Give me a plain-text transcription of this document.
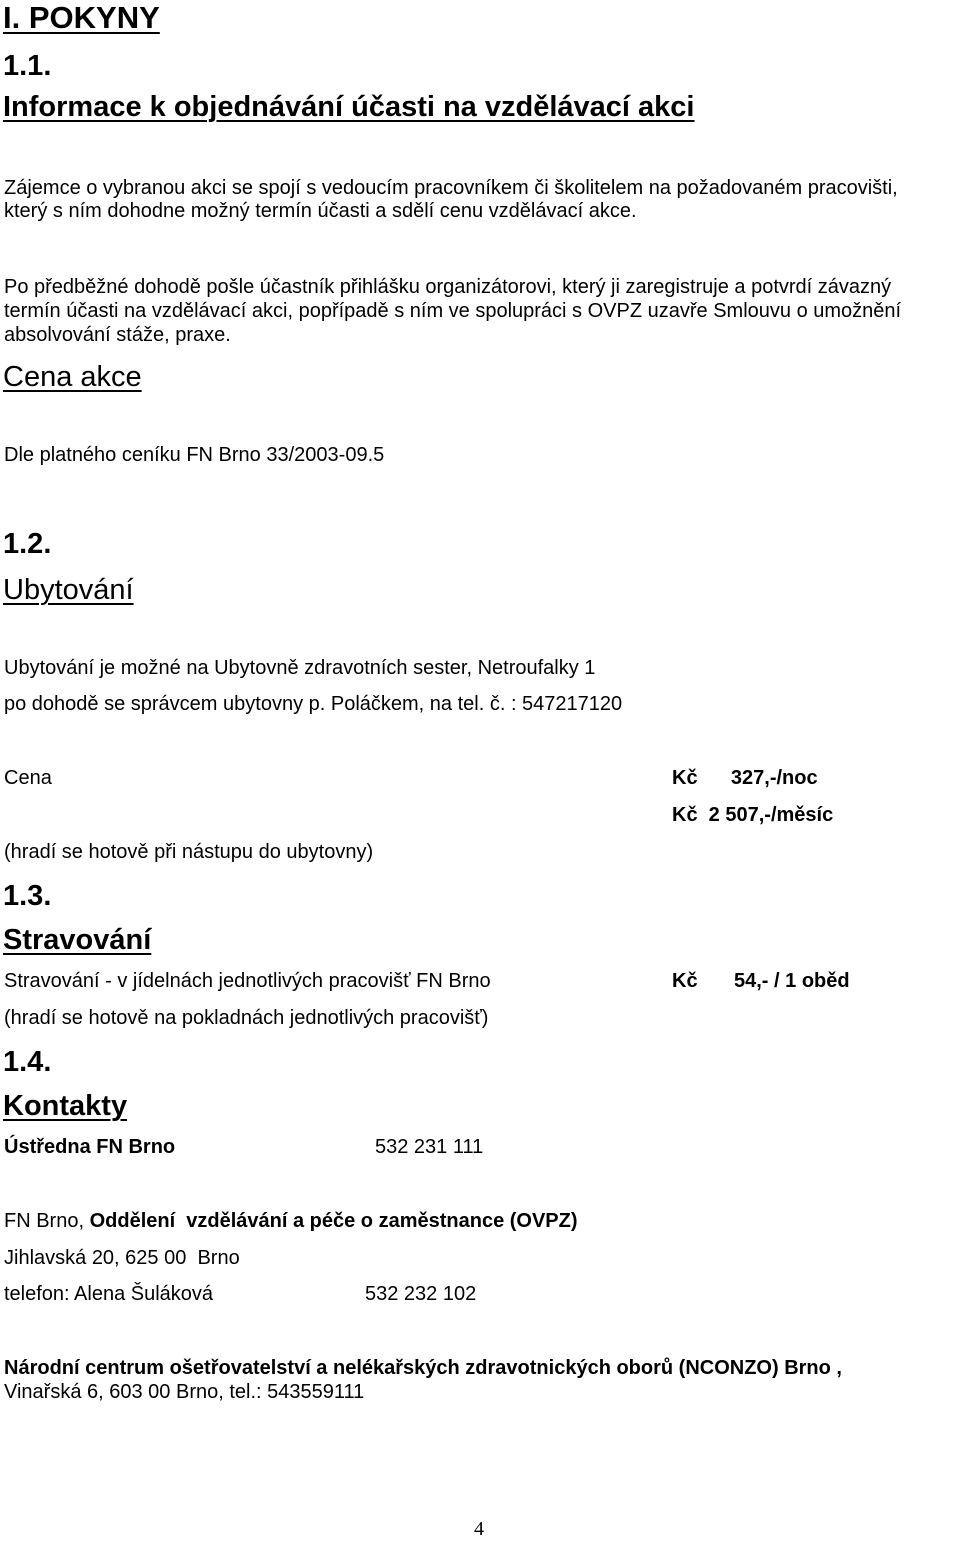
I. POKYNY
1.1.
Informace k objednávání účasti na vzdělávací akci
Zájemce o vybranou akci se spojí s vedoucím pracovníkem či školitelem na požadovaném pracovišti,
který s ním dohodne možný termín účasti a sdělí cenu vzdělávací akce.
Po předběžné dohodě pošle účastník přihlášku organizátorovi, který ji zaregistruje a potvrdí závazný
termín účasti na vzdělávací akci, popřípadě s ním ve spolupráci s OVPZ uzavře Smlouvu o umožnění
absolvování stáže, praxe.
Cena akce
Dle platného ceníku FN Brno 33/2003-09.5
1.2.
Ubytování
Ubytování je možné na Ubytovně zdravotních sester, Netroufalky 1
po dohodě se správcem ubytovny p. Poláčkem, na tel. č. : 547217120
Cena	Kč      327,-/noc
Kč  2 507,-/měsíc
(hradí se hotově při nástupu do ubytovny)
1.3.
Stravování
Stravování - v jídelnách jednotlivých pracovišť FN Brno	Kč 54,- / 1 oběd
(hradí se hotově na pokladnách jednotlivých pracovišť)
1.4.
Kontakty
Ústředna FN Brno	532 231 111
FN Brno, Oddělení  vzdělávání a péče o zaměstnance (OVPZ)
Jihlavská 20, 625 00  Brno
telefon: Alena Šuláková	532 232 102
Národní centrum ošetřovatelství a nelékařských zdravotnických oborů (NCONZO) Brno ,
Vinařská 6, 603 00 Brno, tel.: 543559111
4
